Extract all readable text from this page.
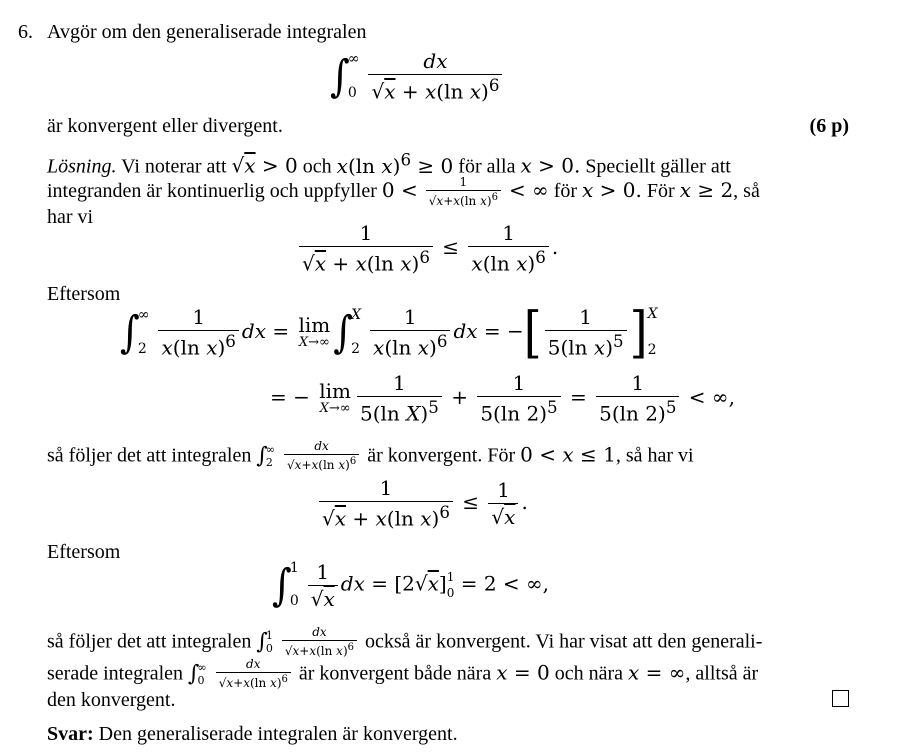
6. Avgör om den generaliserade integralen
∫
∞
$0 \frac{dx}{√x + x(\ln x)^6}$
är konvergent eller divergent.	(6 p)
Lösning. Vi noterar att √x > 0 och x(ln x)$^6$ ≥ 0 för alla x > 0. Speciellt gäller att
integranden är kontinuerlig och uppfyller $0 < \frac{1}{√x+x(\ln x)^6}$ < ∞ för x > 0. För x ≥ 2, så
har vi
$\frac{1}{√x + x(\ln x)^6} \le \frac{1}{x(\ln x)^6}$ .
Eftersom
∫
∞
$2 \frac{1}{x(\ln x)^6}$ dx = lim
X→∞ ∫
X
$2 \frac{1}{x(\ln x)^6}$ dx = −[ $\frac{1}{5(\ln x)^5}$ ] X
2
= − lim
$X\to\infty \frac{1}{5(\ln X)^5} + \frac{1}{5(\ln 2)^5} = \frac{1}{5(\ln 2)^5}$ < ∞,
så följer det att integralen ∫
∞
$2 \frac{dx}{√x+x(\ln x)^6}$ är konvergent. För 0 < x ≤ 1, så har vi
$\frac{1}{√x + x(\ln x)^6} \le \frac{1}{√x}$ .
Eftersom
∫
1
$0 \frac{1}{√x}$ dx = [2√x] 1
0 = 2 < ∞,
så följer det att integralen ∫
1
$0 \frac{dx}{√x+x(\ln x)^6}$ också är konvergent. Vi har visat att den generali-
serade integralen ∫
∞
$0 \frac{dx}{√x+x(\ln x)^6}$ är konvergent både nära x = 0 och nära x = ∞, alltså är
den konvergent.
Svar: Den generaliserade integralen är konvergent.
